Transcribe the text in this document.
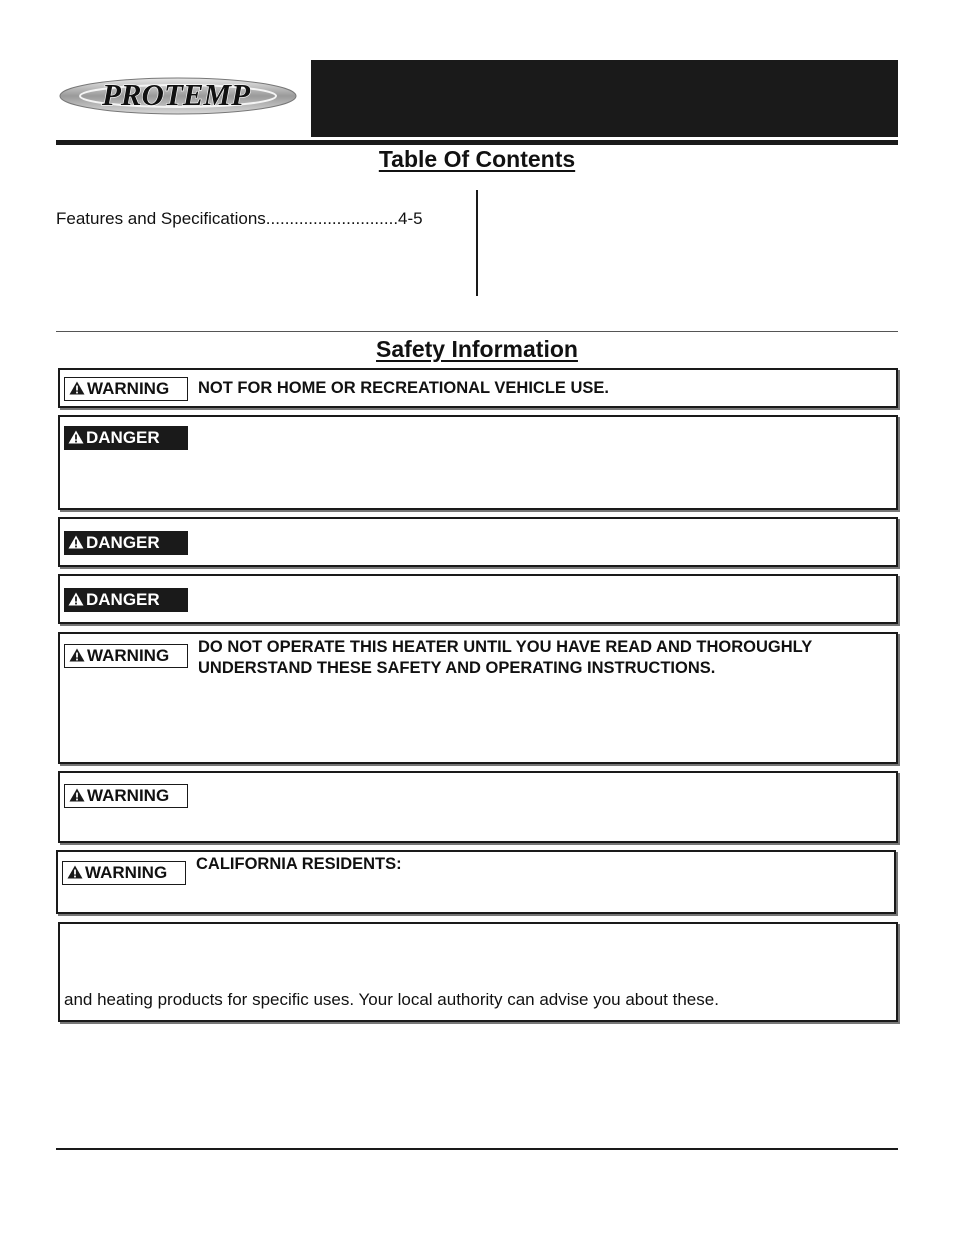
PROTEMP
Table Of Contents
Features and Specifications............................4-5
Safety Information
WARNING	NOT FOR HOME OR RECREATIONAL VEHICLE USE.
DANGER
DANGER
DANGER
WARNING	DO NOT OPERATE THIS HEATER UNTIL YOU HAVE READ AND THOROUGHLY UNDERSTAND THESE SAFETY AND OPERATING INSTRUCTIONS.
WARNING
WARNING	CALIFORNIA RESIDENTS:
and heating products for specific uses. Your local authority can advise you about these.
